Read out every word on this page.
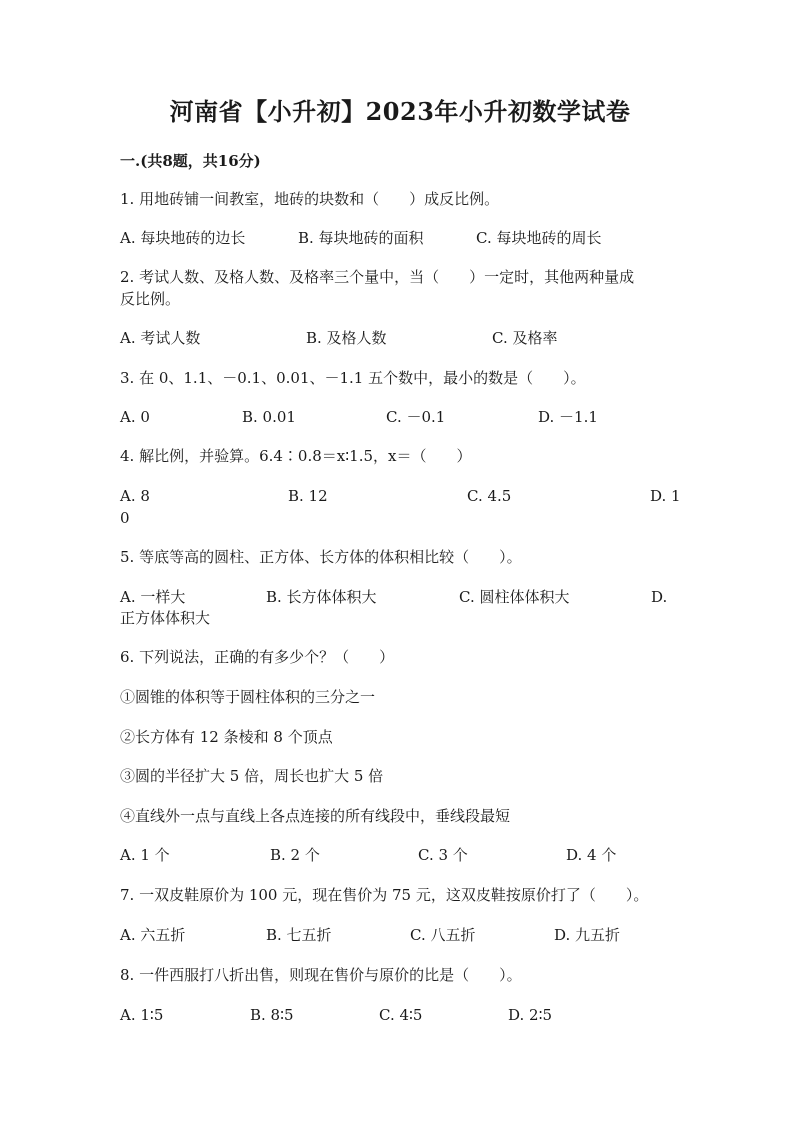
河南省【小升初】2023年小升初数学试卷
一.(共8题，共16分)
1. 用地砖铺一间教室，地砖的块数和（　　）成反比例。
A. 每块地砖的边长	B. 每块地砖的面积	C. 每块地砖的周长
2. 考试人数、及格人数、及格率三个量中，当（　　）一定时，其他两种量成
反比例。
A. 考试人数	B. 及格人数	C. 及格率
3. 在 0、1.1、－0.1、0.01、－1.1 五个数中，最小的数是（　　）。
A. 0	B. 0.01	C. －0.1	D. －1.1
4. 解比例，并验算。6.4∶0.8＝x∶1.5，x＝（　　）
A. 8	B. 12	C. 4.5	D. 1
0
5. 等底等高的圆柱、正方体、长方体的体积相比较（　　）。
A. 一样大	B. 长方体体积大	C. 圆柱体体积大	D.
正方体体积大
6. 下列说法，正确的有多少个？（　　）
①圆锥的体积等于圆柱体积的三分之一
②长方体有 12 条棱和 8 个顶点
③圆的半径扩大 5 倍，周长也扩大 5 倍
④直线外一点与直线上各点连接的所有线段中，垂线段最短
A. 1 个	B. 2 个	C. 3 个	D. 4 个
7. 一双皮鞋原价为 100 元，现在售价为 75 元，这双皮鞋按原价打了（　　）。
A. 六五折	B. 七五折	C. 八五折	D. 九五折
8. 一件西服打八折出售，则现在售价与原价的比是（　　）。
A. 1∶5	B. 8∶5	C. 4∶5	D. 2∶5
